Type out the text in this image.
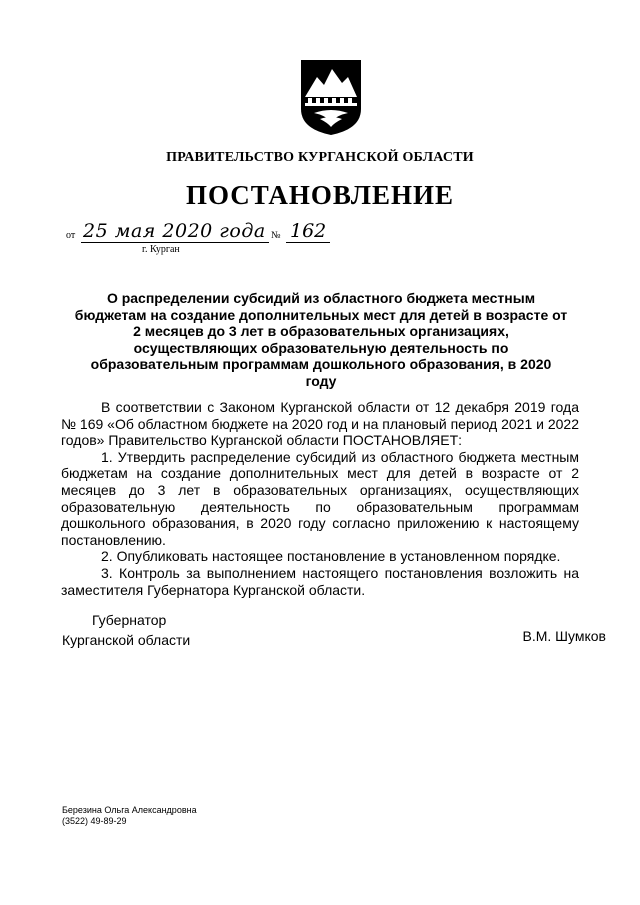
ПРАВИТЕЛЬСТВО КУРГАНСКОЙ ОБЛАСТИ
ПОСТАНОВЛЕНИЕ
от 25 мая 2020 года № 162
г. Курган
О распределении субсидий из областного бюджета местным бюджетам на создание дополнительных мест для детей в возрасте от 2 месяцев до 3 лет в образовательных организациях, осуществляющих образовательную деятельность по образовательным программам дошкольного образования, в 2020 году

В соответствии с Законом Курганской области от 12 декабря 2019 года № 169 «Об областном бюджете на 2020 год и на плановый период 2021 и 2022 годов» Правительство Курганской области ПОСТАНОВЛЯЕТ:

1. Утвердить распределение субсидий из областного бюджета местным бюджетам на создание дополнительных мест для детей в возрасте от 2 месяцев до 3 лет в образовательных организациях, осуществляющих образовательную деятельность по образовательным программам дошкольного образования, в 2020 году согласно приложению к настоящему постановлению.

2. Опубликовать настоящее постановление в установленном порядке.

3. Контроль за выполнением настоящего постановления возложить на заместителя Губернатора Курганской области.

Губернатор
Курганской области	В.М. Шумков
Березина Ольга Александровна
(3522) 49-89-29
